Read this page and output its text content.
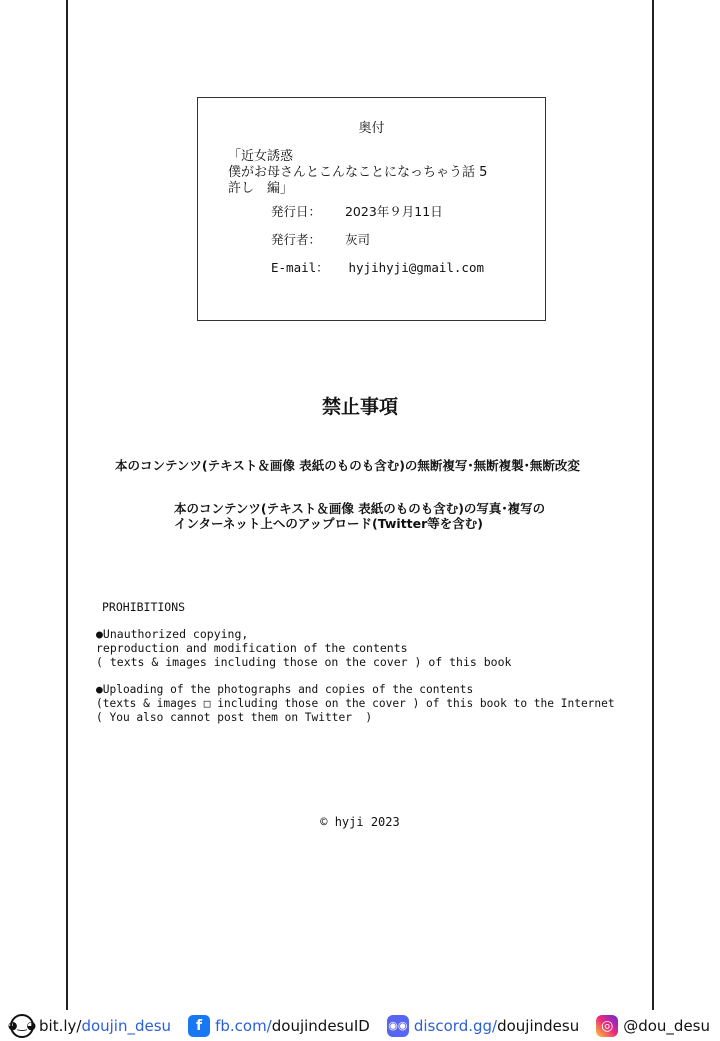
奥付
「近女誘惑
僕がお母さんとこんなことになっちゃう話 5
許し　編」
発行日： 2023年９月11日
発行者： 灰司
E-mail： hyjihyji@gmail.com
禁止事項
本のコンテンツ(テキスト＆画像 表紙のものも含む)の無断複写･無断複製･無断改変
本のコンテンツ(テキスト＆画像 表紙のものも含む)の写真･複写の
インターネット上へのアップロード(Twitter等を含む)
PROHIBITIONS
●Unauthorized copying,
reproduction and modification of the contents
( texts & images including those on the cover ) of this book
●Uploading of the photographs and copies of the contents
(texts & images □ including those on the cover ) of this book to the Internet
( You also cannot post them on Twitter  )
© hyji 2023
◕‿◕ bit.ly/doujin_desu	f fb.com/doujindesuID ◉◉ discord.gg/doujindesu	◎ @dou_desu
